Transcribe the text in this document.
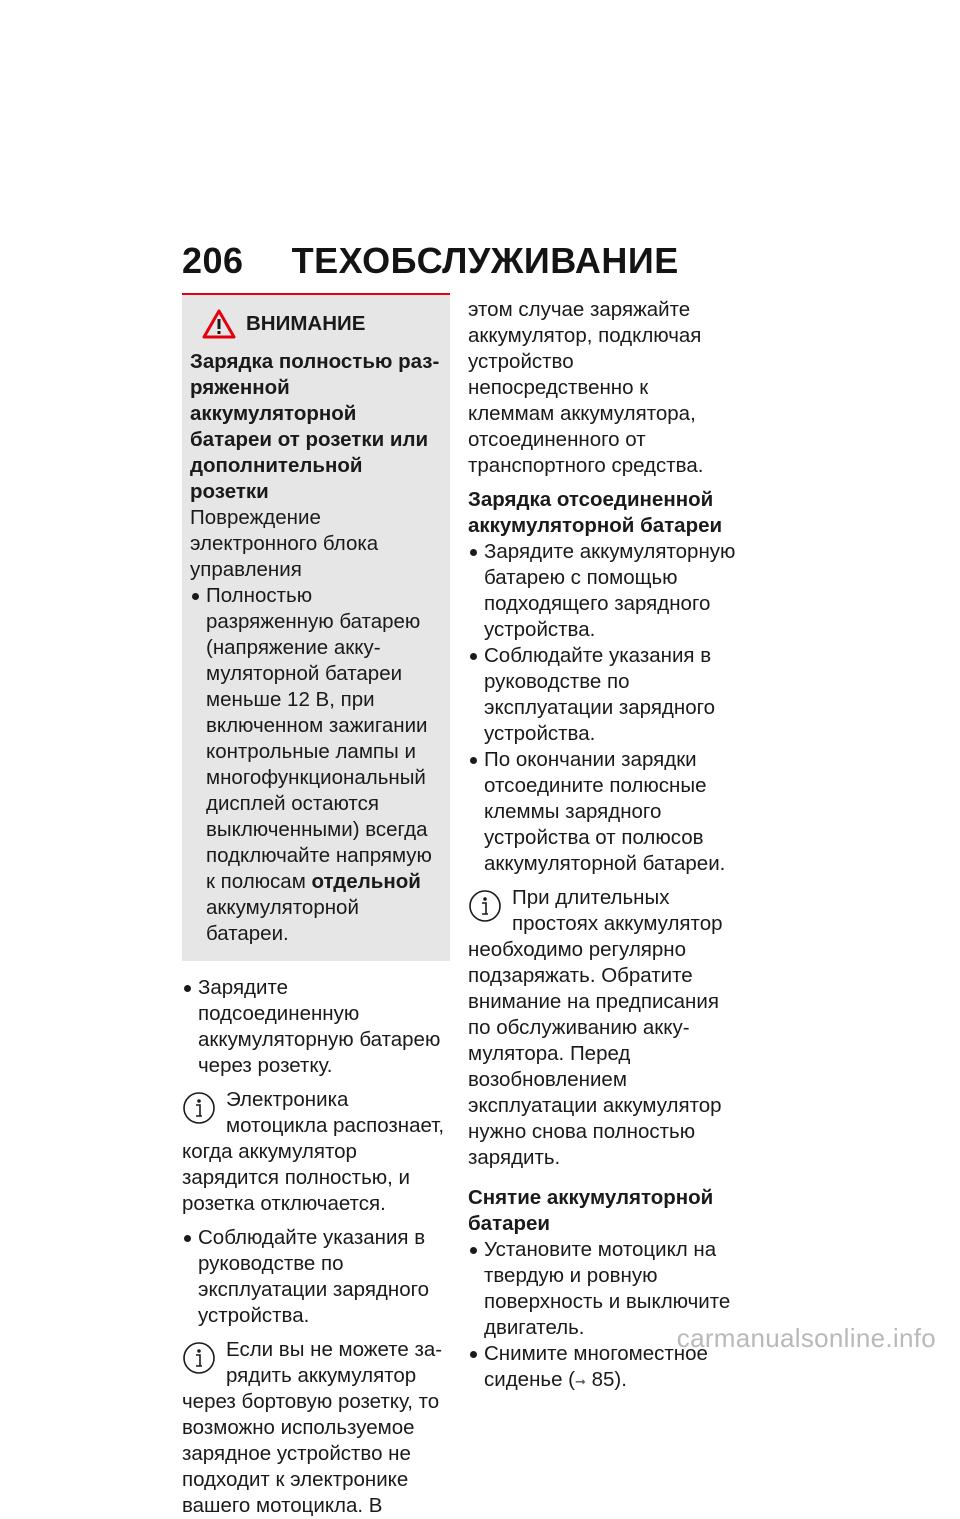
206 ТЕХОБСЛУЖИВАНИЕ
ВНИМАНИЕ

Зарядка полностью разряженной аккумуляторной батареи от розетки или дополнительной розетки

Повреждение электронного блока управления

Полностью разряженную батарею (напряжение аккумуляторной батареи меньше 12 В, при включенном зажигании контрольные лампы и многофункциональный дисплей остаются выключенными) всегда подключайте напрямую к полюсам отдельной аккумуляторной батареи.
Зарядите подсоединенную аккумуляторную батарею через розетку.

Электроника мотоцикла распознает, когда аккумулятор зарядится полностью, и розетка отключается.

Соблюдайте указания в руководстве по эксплуатации зарядного устройства.

Если вы не можете зарядить аккумулятор через бортовую розетку, то возможно используемое зарядное устройство не подходит к электронике вашего мотоцикла. В

этом случае заряжайте аккумулятор, подключая устройство непосредственно к клеммам аккумулятора, отсоединенного от транспортного средства.

Зарядка отсоединенной аккумуляторной батареи

Зарядите аккумуляторную батарею с помощью подходящего зарядного устройства.
Соблюдайте указания в руководстве по эксплуатации зарядного устройства.
По окончании зарядки отсоедините полюсные клеммы зарядного устройства от полюсов аккумуляторной батареи.

При длительных простоях аккумулятор необходимо регулярно подзаряжать. Обратите внимание на предписания по обслуживанию аккумулятора. Перед возобновлением эксплуатации аккумулятор нужно снова полностью зарядить.

Снятие аккумуляторной батареи

Установите мотоцикл на твердую и ровную поверхность и выключите двигатель.
Снимите многоместное сиденье (➞ 85).
carmanualsonline.info
